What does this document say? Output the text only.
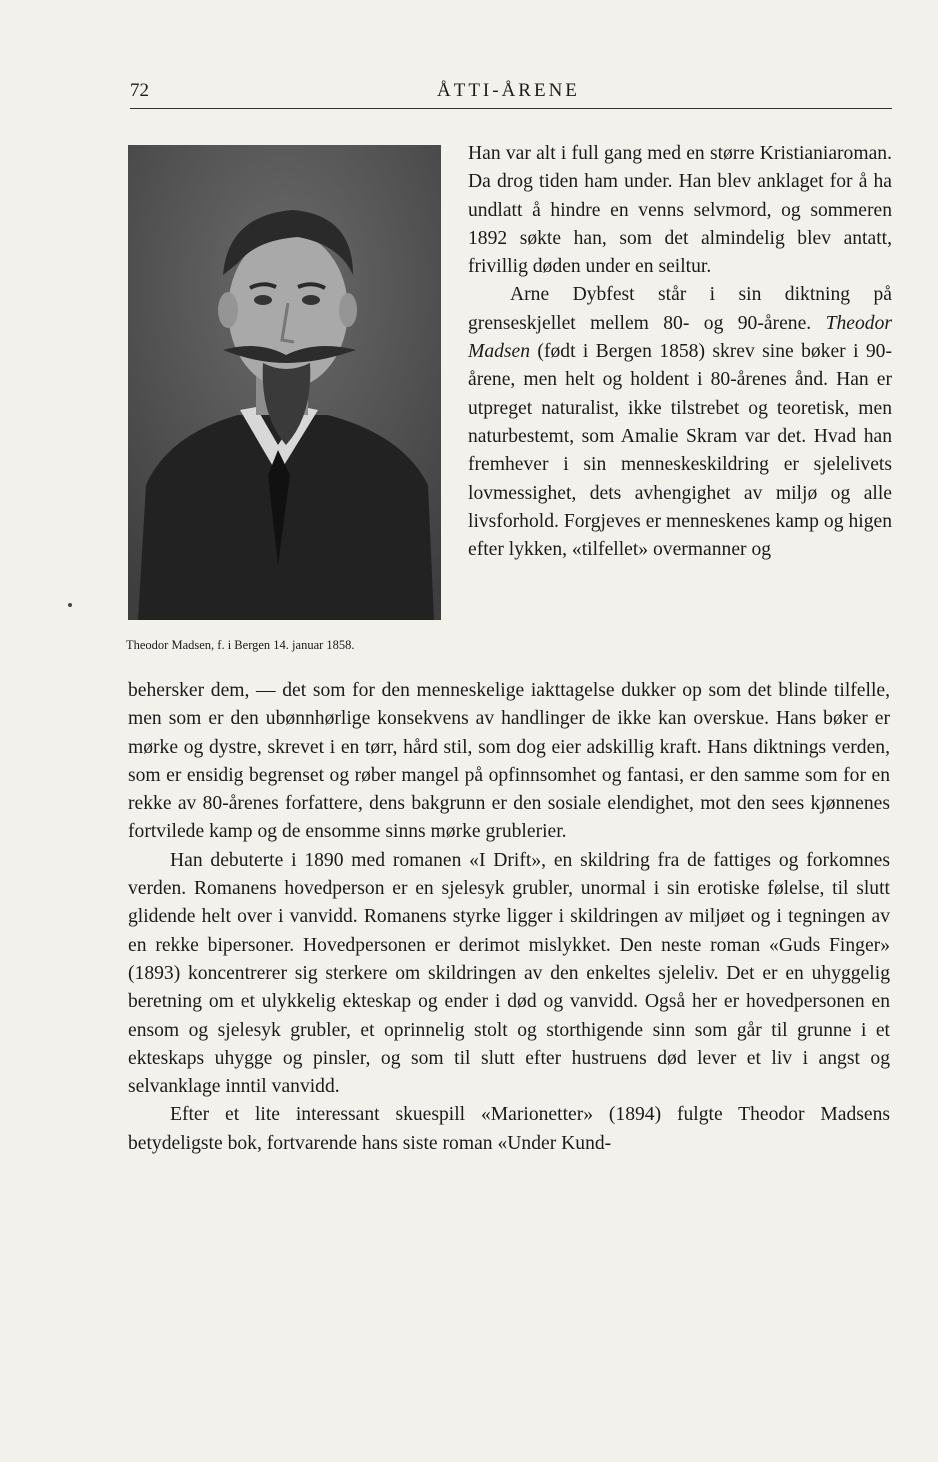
72	ÅTTI-ÅRENE
Theodor Madsen, f. i Bergen 14. januar 1858.

Han var alt i full gang med en større Kristianiaroman. Da drog tiden ham under. Han blev anklaget for å ha undlatt å hindre en venns selvmord, og sommeren 1892 søkte han, som det almindelig blev antatt, frivillig døden under en seiltur.

Arne Dybfest står i sin diktning på grenseskjellet mellem 80- og 90-årene. Theodor Madsen (født i Bergen 1858) skrev sine bøker i 90-årene, men helt og holdent i 80-årenes ånd. Han er utpreget naturalist, ikke tilstrebet og teoretisk, men naturbestemt, som Amalie Skram var det. Hvad han fremhever i sin menneskeskildring er sjelelivets lovmessighet, dets avhengighet av miljø og alle livsforhold. Forgjeves er menneskenes kamp og higen efter lykken, «tilfellet» overmanner og

behersker dem, — det som for den menneskelige iakttagelse dukker op som det blinde tilfelle, men som er den ubønnhørlige konsekvens av handlinger de ikke kan overskue. Hans bøker er mørke og dystre, skrevet i en tørr, hård stil, som dog eier adskillig kraft. Hans diktnings verden, som er ensidig begrenset og røber mangel på opfinnsomhet og fantasi, er den samme som for en rekke av 80-årenes forfattere, dens bakgrunn er den sosiale elendighet, mot den sees kjønnenes fortvilede kamp og de ensomme sinns mørke grublerier.

Han debuterte i 1890 med romanen «I Drift», en skildring fra de fattiges og forkomnes verden. Romanens hovedperson er en sjelesyk grubler, unormal i sin erotiske følelse, til slutt glidende helt over i vanvidd. Romanens styrke ligger i skildringen av miljøet og i tegningen av en rekke bipersoner. Hovedpersonen er derimot mislykket. Den neste roman «Guds Finger» (1893) koncentrerer sig sterkere om skildringen av den enkeltes sjeleliv. Det er en uhyggelig beretning om et ulykkelig ekteskap og ender i død og vanvidd. Også her er hovedpersonen en ensom og sjelesyk grubler, et oprinnelig stolt og storthigende sinn som går til grunne i et ekteskaps uhygge og pinsler, og som til slutt efter hustruens død lever et liv i angst og selvanklage inntil vanvidd.

Efter et lite interessant skuespill «Marionetter» (1894) fulgte Theodor Madsens betydeligste bok, fortvarende hans siste roman «Under Kund-
